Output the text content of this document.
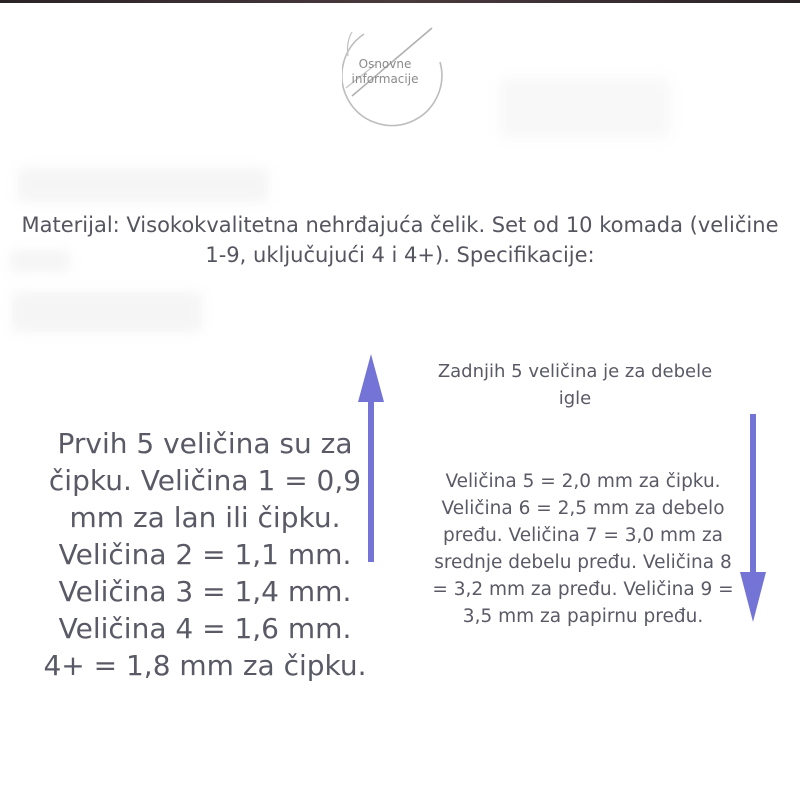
Osnovne informacije
Materijal: Visokokvalitetna nehrđajuća čelik. Set od 10 komada (veličine 1-9, uključujući 4 i 4+). Specifikacije:
Prvih 5 veličina su za čipku. Veličina 1 = 0,9 mm za lan ili čipku. Veličina 2 = 1,1 mm. Veličina 3 = 1,4 mm. Veličina 4 = 1,6 mm. 4+ = 1,8 mm za čipku.
Zadnjih 5 veličina je za debele igle
Veličina 5 = 2,0 mm za čipku. Veličina 6 = 2,5 mm za debelo pređu. Veličina 7 = 3,0 mm za srednje debelu pređu. Veličina 8 = 3,2 mm za pređu. Veličina 9 = 3,5 mm za papirnu pređu.
